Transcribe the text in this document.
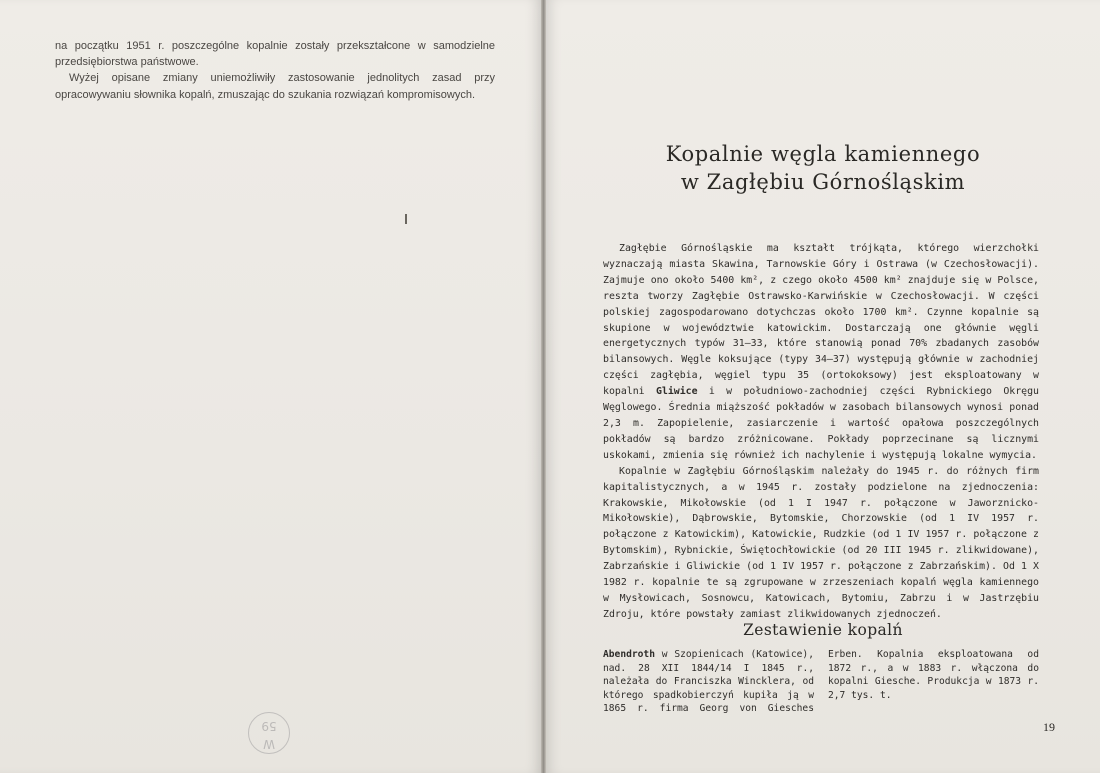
na początku 1951 r. poszczególne kopalnie zostały przekształcone w samodzielne przedsiębiorstwa państwowe.

Wyżej opisane zmiany uniemożliwiły zastosowanie jednolitych zasad przy opracowywaniu słownika kopalń, zmuszając do szukania rozwiązań kompromisowych.

W
59
Kopalnie węgla kamiennego
w Zagłębiu Górnośląskim

Zagłębie Górnośląskie ma kształt trójkąta, którego wierzchołki wyznaczają miasta Skawina, Tarnowskie Góry i Ostrawa (w Czechosłowacji). Zajmuje ono około 5400 km², z czego około 4500 km² znajduje się w Polsce, reszta tworzy Zagłębie Ostrawsko-Karwińskie w Czechosłowacji. W części polskiej zagospodarowano dotychczas około 1700 km². Czynne kopalnie są skupione w województwie katowickim. Dostarczają one głównie węgli energetycznych typów 31—33, które stanowią ponad 70% zbadanych zasobów bilansowych. Węgle koksujące (typy 34—37) występują głównie w zachodniej części zagłębia, węgiel typu 35 (ortokoksowy) jest eksploatowany w kopalni Gliwice i w południowo-zachodniej części Rybnickiego Okręgu Węglowego. Średnia miąższość pokładów w zasobach bilansowych wynosi ponad 2,3 m. Zapopielenie, zasiarczenie i wartość opałowa poszczególnych pokładów są bardzo zróżnicowane. Pokłady poprzecinane są licznymi uskokami, zmienia się również ich nachylenie i występują lokalne wymycia.

Kopalnie w Zagłębiu Górnośląskim należały do 1945 r. do różnych firm kapitalistycznych, a w 1945 r. zostały podzielone na zjednoczenia: Krakowskie, Mikołowskie (od 1 I 1947 r. połączone w Jaworznicko-Mikołowskie), Dąbrowskie, Bytomskie, Chorzowskie (od 1 IV 1957 r. połączone z Katowickim), Katowickie, Rudzkie (od 1 IV 1957 r. połączone z Bytomskim), Rybnickie, Świętochłowickie (od 20 III 1945 r. zlikwidowane), Zabrzańskie i Gliwickie (od 1 IV 1957 r. połączone z Zabrzańskim). Od 1 X 1982 r. kopalnie te są zgrupowane w zrzeszeniach kopalń węgla kamiennego w Mysłowicach, Sosnowcu, Katowicach, Bytomiu, Zabrzu i w Jastrzębiu Zdroju, które powstały zamiast zlikwidowanych zjednoczeń.

Zestawienie kopalń

Abendroth w Szopienicach (Katowice), nad. 28 XII 1844/14 I 1845 r., należała do Franciszka Wincklera, od którego spadkobierczyń kupiła ją w 1865 r. firma Georg von Giesches Erben. Kopalnia eksploatowana od 1872 r., a w 1883 r. włączona do kopalni Giesche. Produkcja w 1873 r. 2,7 tys. t.

19
